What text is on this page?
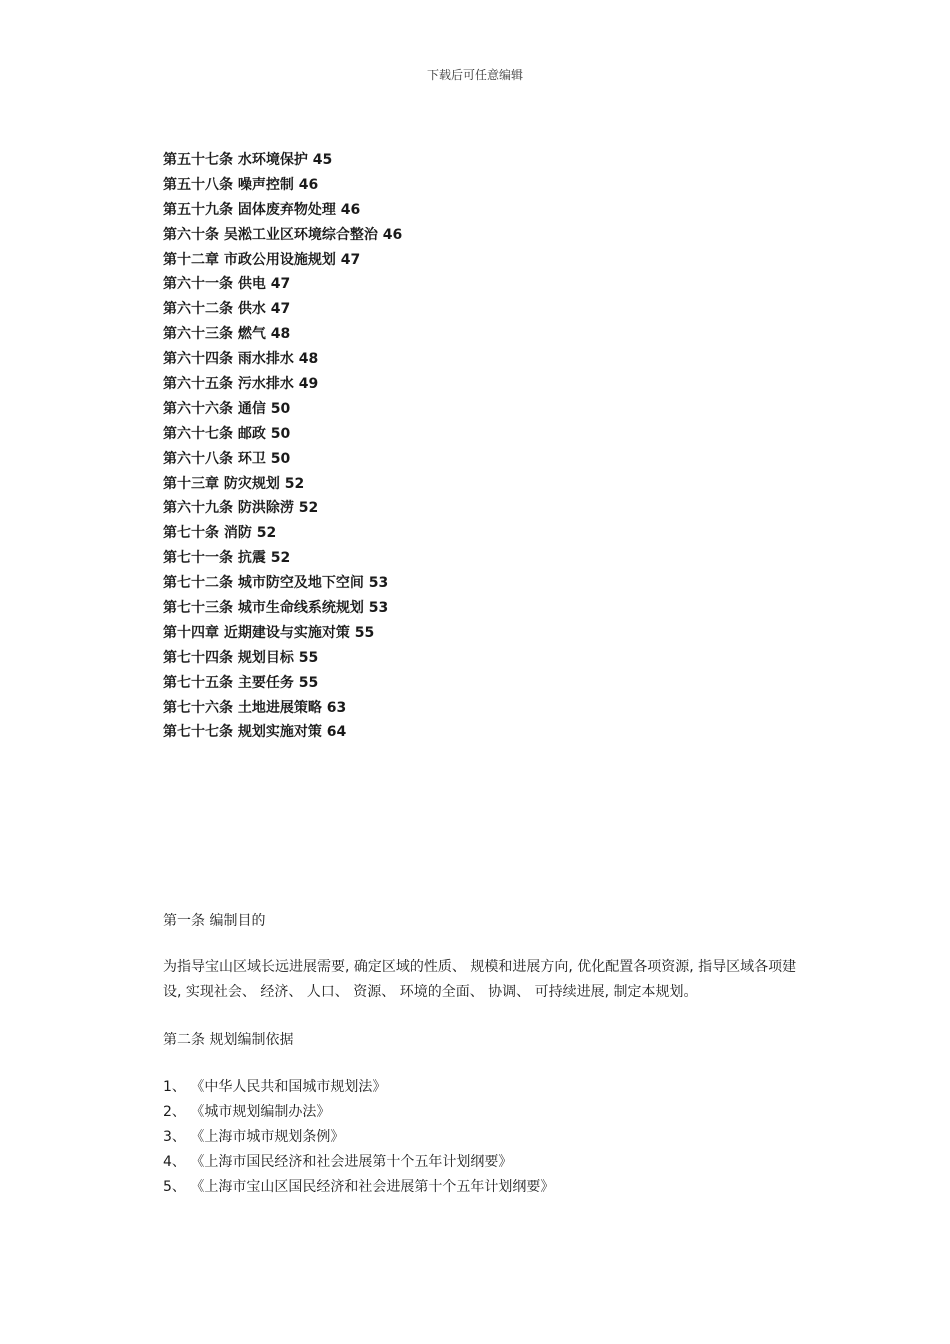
下载后可任意编辑
第五十七条 水环境保护 45
第五十八条 噪声控制 46
第五十九条 固体废弃物处理 46
第六十条 吴淞工业区环境综合整治 46
第十二章 市政公用设施规划 47
第六十一条 供电 47
第六十二条 供水 47
第六十三条 燃气 48
第六十四条 雨水排水 48
第六十五条 污水排水 49
第六十六条 通信 50
第六十七条 邮政 50
第六十八条 环卫 50
第十三章 防灾规划 52
第六十九条 防洪除涝 52
第七十条 消防 52
第七十一条 抗震 52
第七十二条 城市防空及地下空间 53
第七十三条 城市生命线系统规划 53
第十四章 近期建设与实施对策 55
第七十四条 规划目标 55
第七十五条 主要任务 55
第七十六条 土地进展策略 63
第七十七条 规划实施对策 64
第一条 编制目的
为指导宝山区域长远进展需要, 确定区域的性质、 规模和进展方向, 优化配置各项资源, 指导区域各项建设, 实现社会、 经济、 人口、 资源、 环境的全面、 协调、 可持续进展, 制定本规划。
第二条 规划编制依据
1、 《中华人民共和国城市规划法》
2、 《城市规划编制办法》
3、 《上海市城市规划条例》
4、 《上海市国民经济和社会进展第十个五年计划纲要》
5、 《上海市宝山区国民经济和社会进展第十个五年计划纲要》
